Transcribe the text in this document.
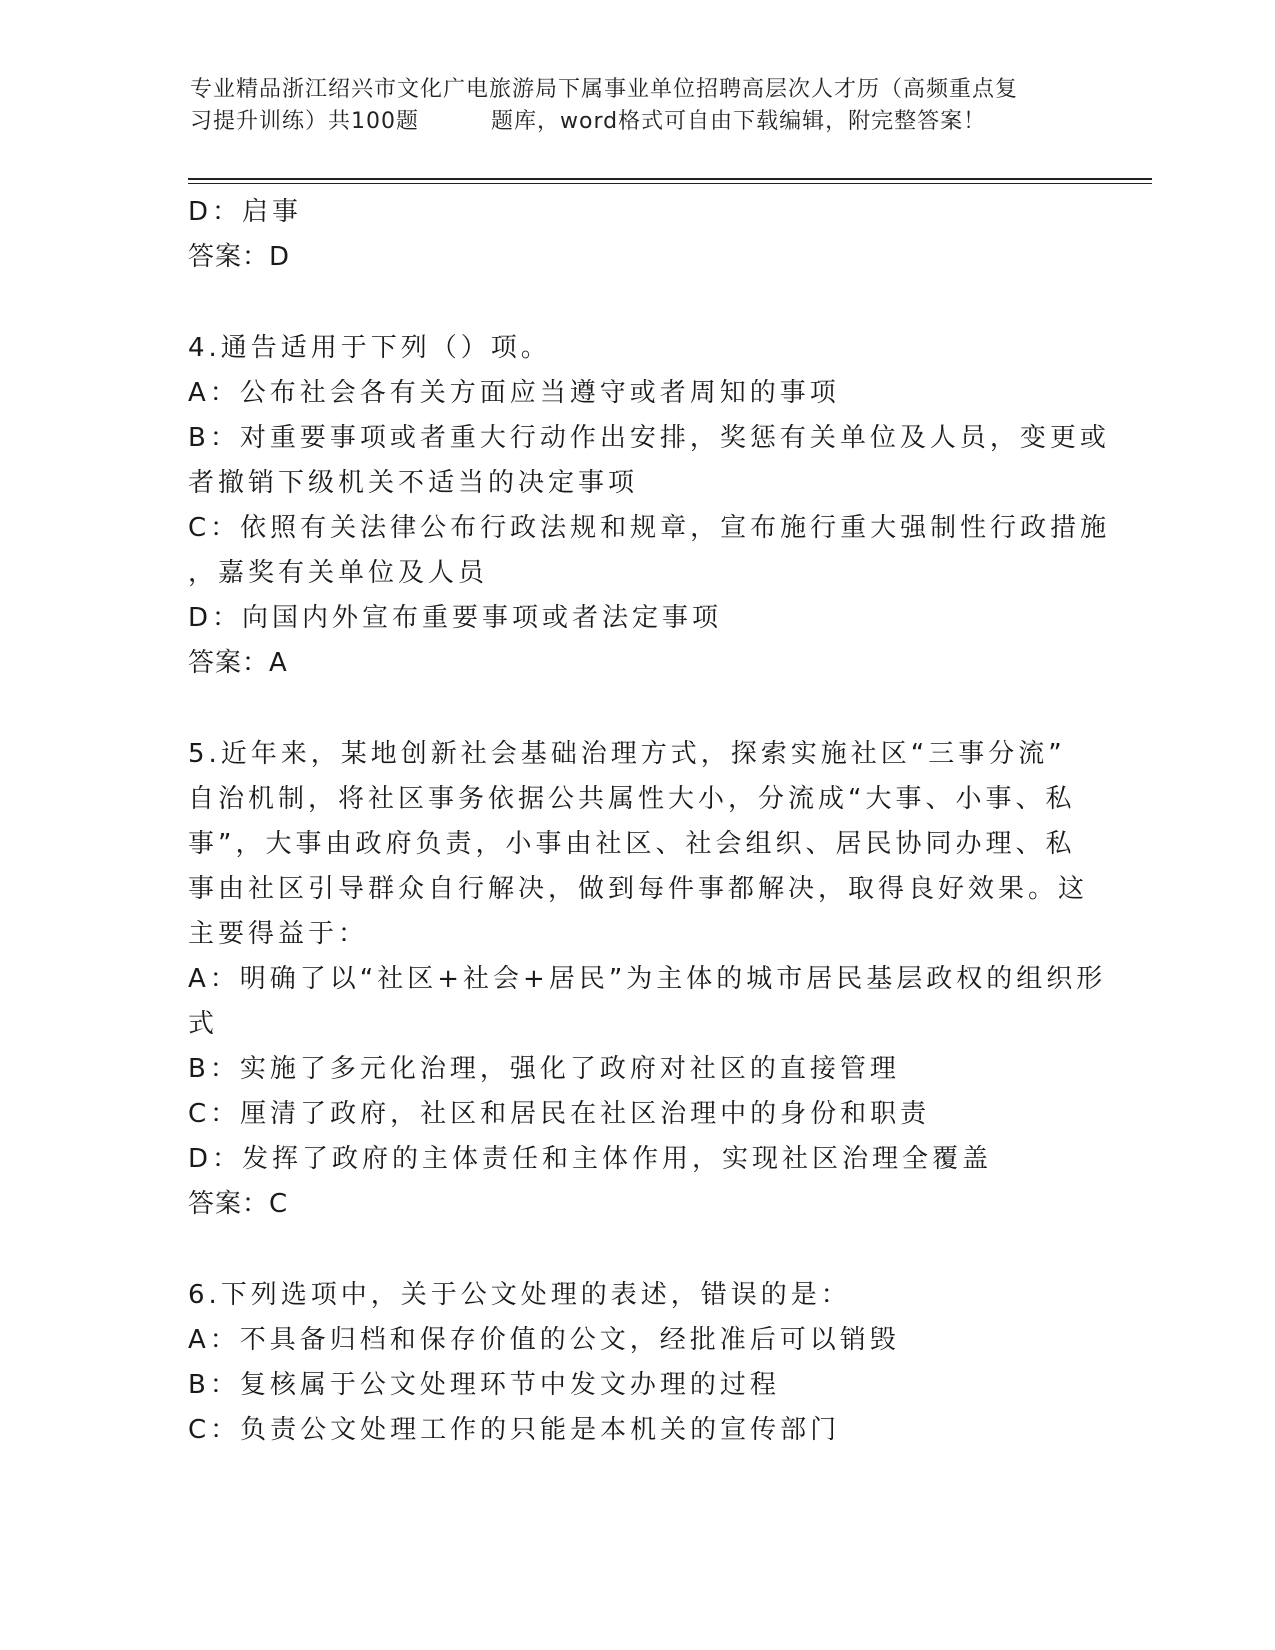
专业精品浙江绍兴市文化广电旅游局下属事业单位招聘高层次人才历（高频重点复
习提升训练）共100题	题库，word格式可自由下载编辑，附完整答案！
D：启事
答案：D
4.通告适用于下列（）项。
A：公布社会各有关方面应当遵守或者周知的事项
B：对重要事项或者重大行动作出安排，奖惩有关单位及人员，变更或
者撤销下级机关不适当的决定事项
C：依照有关法律公布行政法规和规章，宣布施行重大强制性行政措施
，嘉奖有关单位及人员
D：向国内外宣布重要事项或者法定事项
答案：A
5.近年来，某地创新社会基础治理方式，探索实施社区“三事分流”
自治机制，将社区事务依据公共属性大小，分流成“大事、小事、私
事”，大事由政府负责，小事由社区、社会组织、居民协同办理、私
事由社区引导群众自行解决，做到每件事都解决，取得良好效果。这
主要得益于：
A：明确了以“社区+社会+居民”为主体的城市居民基层政权的组织形
式
B：实施了多元化治理，强化了政府对社区的直接管理
C：厘清了政府，社区和居民在社区治理中的身份和职责
D：发挥了政府的主体责任和主体作用，实现社区治理全覆盖
答案：C
6.下列选项中，关于公文处理的表述，错误的是：
A：不具备归档和保存价值的公文，经批准后可以销毁
B：复核属于公文处理环节中发文办理的过程
C：负责公文处理工作的只能是本机关的宣传部门
